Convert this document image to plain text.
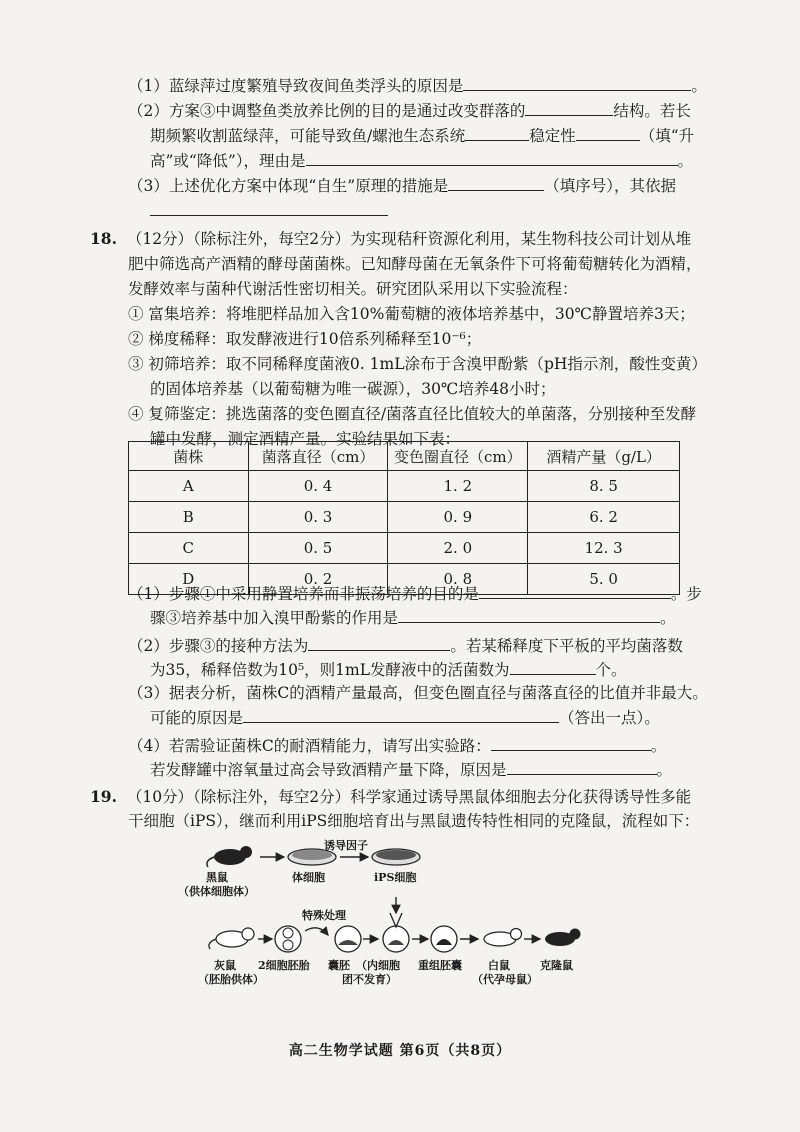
（1）蓝绿萍过度繁殖导致夜间鱼类浮头的原因是	。
（2）方案③中调整鱼类放养比例的目的是通过改变群落的	结构。若长
期频繁收割蓝绿萍，可能导致鱼/螺池生态系统	稳定性	（填“升
高”或“降低”），理由是	。
（3）上述优化方案中体现“自生”原理的措施是	（填序号），其依据
18. （12分）（除标注外，每空2分）为实现秸秆资源化利用，某生物科技公司计划从堆
肥中筛选高产酒精的酵母菌菌株。已知酵母菌在无氧条件下可将葡萄糖转化为酒精，
发酵效率与菌种代谢活性密切相关。研究团队采用以下实验流程：
① 富集培养：将堆肥样品加入含10%葡萄糖的液体培养基中，30℃静置培养3天；
② 梯度稀释：取发酵液进行10倍系列稀释至10⁻⁶；
③ 初筛培养：取不同稀释度菌液0. 1mL涂布于含溴甲酚紫（pH指示剂，酸性变黄）
的固体培养基（以葡萄糖为唯一碳源），30℃培养48小时；
④ 复筛鉴定：挑选菌落的变色圈直径/菌落直径比值较大的单菌落，分别接种至发酵
罐中发酵，测定酒精产量。实验结果如下表：
菌株	菌落直径（cm）	变色圈直径（cm）	酒精产量（g/L）
A	0. 4	1. 2	8. 5
B	0. 3	0. 9	6. 2
C	0. 5	2. 0	12. 3
D	0. 2	0. 8	5. 0
（1）步骤①中采用静置培养而非振荡培养的目的是	。步
骤③培养基中加入溴甲酚紫的作用是	。
（2）步骤③的接种方法为	。若某稀释度下平板的平均菌落数
为35，稀释倍数为10⁵，则1mL发酵液中的活菌数为	个。
（3）据表分析，菌株C的酒精产量最高，但变色圈直径与菌落直径的比值并非最大。
可能的原因是	（答出一点）。
（4）若需验证菌株C的耐酒精能力，请写出实验路：	。
若发酵罐中溶氧量过高会导致酒精产量下降，原因是	。
19. （10分）（除标注外，每空2分）科学家通过诱导黑鼠体细胞去分化获得诱导性多能
干细胞（iPS），继而利用iPS细胞培育出与黑鼠遗传特性相同的克隆鼠，流程如下：
黑鼠
（供体细胞体）
体细胞
诱导因子
iPS细胞
特殊处理
灰鼠
（胚胎供体）
2细胞胚胎 囊胚 （内细胞
团不发育）
重组胚囊 白鼠
（代孕母鼠）
克隆鼠
高二生物学试题 第6页（共8页）
